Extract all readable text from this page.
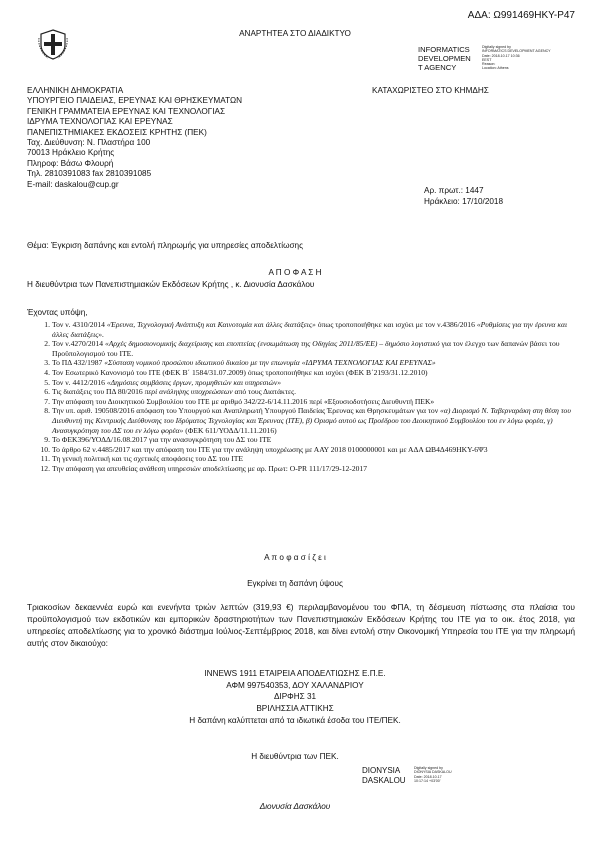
ΑΔΑ: Ω991469ΗΚΥ-Ρ47
ΑΝΑΡΤΗΤΕΑ ΣΤΟ ΔΙΑΔΙΚΤΥΟ
INFORMATICS
DEVELOPMEN
T AGENCY
Digitally signed by
INFORMATICS DEVELOPMENT AGENCY
Date: 2018.10.17 10:36
EEST
Reason:
Location: Athens
ΕΛΛΗΝΙΚΗ ΔΗΜΟΚΡΑΤΙΑ
ΥΠΟΥΡΓΕΙΟ ΠΑΙΔΕΙΑΣ, ΕΡΕΥΝΑΣ ΚΑΙ ΘΡΗΣΚΕΥΜΑΤΩΝ
ΓΕΝΙΚΗ ΓΡΑΜΜΑΤΕΙΑ ΕΡΕΥΝΑΣ ΚΑΙ ΤΕΧΝΟΛΟΓΙΑΣ
ΙΔΡΥΜΑ ΤΕΧΝΟΛΟΓΙΑΣ ΚΑΙ ΕΡΕΥΝΑΣ
ΠΑΝΕΠΙΣΤΗΜΙΑΚΕΣ ΕΚΔΟΣΕΙΣ ΚΡΗΤΗΣ (ΠΕΚ)
Ταχ. Διεύθυνση: Ν. Πλαστήρα 100
70013 Ηράκλειο Κρήτης
Πληροφ: Βάσω Φλουρή
Τηλ. 2810391083 fax 2810391085
E-mail: daskalou@cup.gr
ΚΑΤΑΧΩΡΙΣΤΕΟ ΣΤΟ ΚΗΜΔΗΣ
Αρ. πρωτ.: 1447
Ηράκλειο: 17/10/2018
Θέμα: Έγκριση δαπάνης και εντολή πληρωμής για υπηρεσίες αποδελτίωσης
Α Π Ο Φ Α Σ Η
Η διευθύντρια των Πανεπιστημιακών Εκδόσεων Κρήτης , κ. Διονυσία Δασκάλου
Έχοντας υπόψη,
1. Τον ν. 4310/2014 «Έρευνα, Τεχνολογική Ανάπτυξη και Καινοτομία και άλλες διατάξεις» όπως τροποποιήθηκε και ισχύει με τον ν.4386/2016 «Ρυθμίσεις για την έρευνα και άλλες διατάξεις».
2. Τον ν.4270/2014 «Αρχές δημοσιονομικής διαχείρισης και εποπτείας (ενσωμάτωση της Οδηγίας 2011/85/ΕΕ) – δημόσιο λογιστικό για τον έλεγχο των δαπανών βάσει του Προϋπολογισμού του ΙΤΕ.
3. Το ΠΔ 432/1987 «Σύσταση νομικού προσώπου ιδιωτικού δικαίου με την επωνυμία «ΙΔΡΥΜΑ ΤΕΧΝΟΛΟΓΙΑΣ ΚΑΙ ΕΡΕΥΝΑΣ»
4. Τον Εσωτερικό Κανονισμό του ΙΤΕ (ΦΕΚ Β΄ 1584/31.07.2009) όπως τροποποιήθηκε και ισχύει (ΦΕΚ Β΄2193/31.12.2010)
5. Τον ν. 4412/2016 «Δημόσιες συμβάσεις έργων, προμηθειών και υπηρεσιών»
6. Τις διατάξεις του ΠΔ 80/2016 περί ανάληψης υποχρεώσεων από τους Διατάκτες.
7. Την απόφαση του Διοικητικού Συμβουλίου του ΙΤΕ με αριθμό 342/22-6/14.11.2016 περί «Εξουσιοδοτήσεις Διευθυντή ΠΕΚ»
8. Την υπ. αριθ. 190508/2016 απόφαση του Υπουργού και Αναπληρωτή Υπουργού Παιδείας Έρευνας και Θρησκευμάτων για τον «α) Διορισμό Ν. Ταβερναράκη στη θέση του Διευθυντή της Κεντρικής Διεύθυνσης του Ιδρύματος Τεχνολογίας και Έρευνας (ΙΤΕ), β) Ορισμό αυτού ως Προέδρου του Διοικητικού Συμβουλίου του εν λόγω φορέα, γ) Ανασυγκρότηση του ΔΣ του εν λόγω φορέα» (ΦΕΚ 611/ΥΟΔΔ/11.11.2016)
9. Το ΦΕΚ396/ΥΟΔΔ/16.08.2017 για την ανασυγκρότηση του ΔΣ του ΙΤΕ
10. Το άρθρο 62 ν.4485/2017 και την απόφαση του ΙΤΕ για την ανάληψη υποχρέωσης με ΑΑΥ 2018 0100000001 και με ΑΔΑ ΩΒ4Δ469ΗΚΥ-6Ψ3
11. Τη γενική πολιτική και τις σχετικές αποφάσεις του ΔΣ του ΙΤΕ
12. Την απόφαση για απευθείας ανάθεση υπηρεσιών αποδελτίωσης με αρ. Πρωτ: Ο-PR 111/17/29-12-2017
Α π ο φ α σ ί ζ ε ι
Εγκρίνει τη δαπάνη ύψους
Τριακοσίων δεκαεννέα ευρώ και ενενήντα τριών λεπτών (319,93 €) περιλαμβανομένου του ΦΠΑ, τη δέσμευση πίστωσης στα πλαίσια του προϋπολογισμού των εκδοτικών και εμπορικών δραστηριοτήτων των Πανεπιστημιακών Εκδόσεων Κρήτης του ΙΤΕ για το οικ. έτος 2018, για υπηρεσίες αποδελτίωσης για το χρονικό διάστημα Ιούλιος-Σεπτέμβριος 2018, και δίνει εντολή στην Οικονομική Υπηρεσία του ΙΤΕ για την πληρωμή αυτής στον δικαιούχο:
INNEWS 1911 ΕΤΑΙΡΕΙΑ ΑΠΟΔΕΛΤΙΩΣΗΣ Ε.Π.Ε.
ΑΦΜ 997540353, ΔΟΥ ΧΑΛΑΝΔΡΙΟΥ
ΔΙΡΦΗΣ 31
ΒΡΙΛΗΣΣΙΑ ΑΤΤΙΚΗΣ
Η δαπάνη καλύπτεται από τα ιδιωτικά έσοδα του ΙΤΕ/ΠΕΚ.
Η διευθύντρια των ΠΕΚ.
DIONYSIA
DASKALOU
Digitally signed by
DIONYSIA DASKALOU
Date: 2018.10.17
10:17:14 +03'00'
Διονυσία Δασκάλου
